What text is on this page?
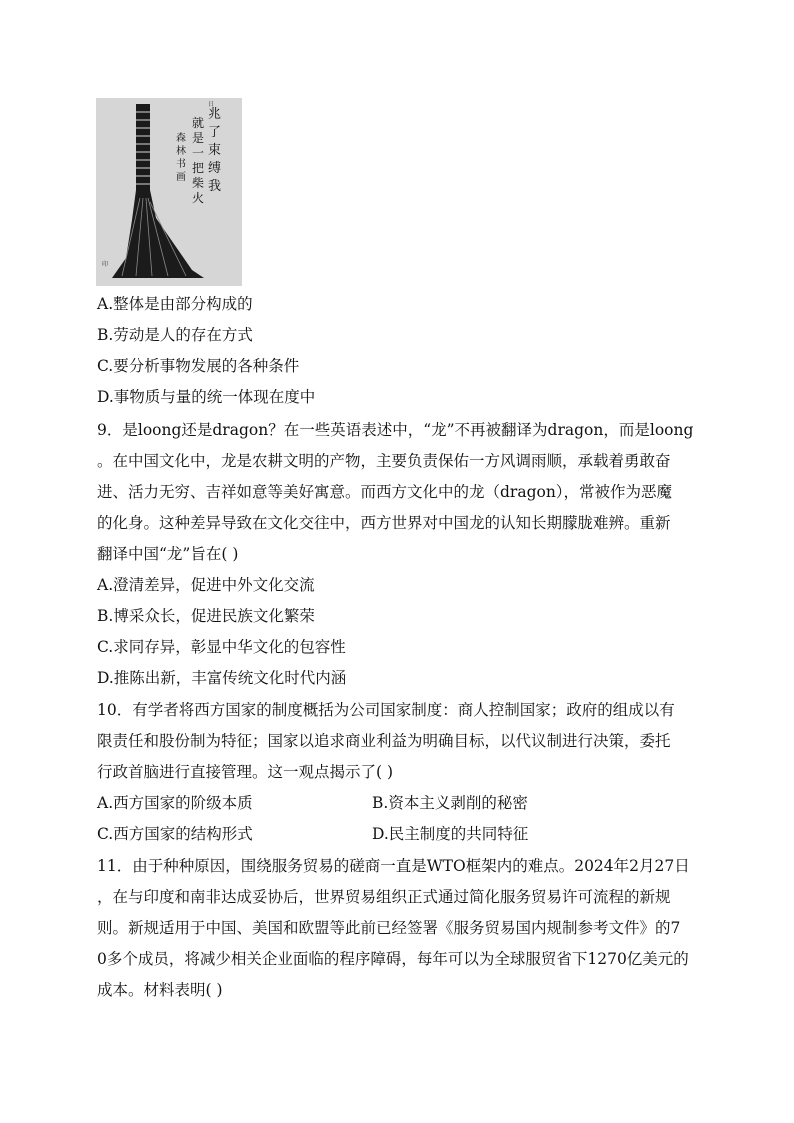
日
印
兆了束缚我
就是一把柴火
森林书画
A.整体是由部分构成的
B.劳动是人的存在方式
C.要分析事物发展的各种条件
D.事物质与量的统一体现在度中
9．是loong还是dragon？在一些英语表述中，“龙”不再被翻译为dragon，而是loong
。在中国文化中，龙是农耕文明的产物，主要负责保佑一方风调雨顺，承载着勇敢奋
进、活力无穷、吉祥如意等美好寓意。而西方文化中的龙（dragon），常被作为恶魔
的化身。这种差异导致在文化交往中，西方世界对中国龙的认知长期朦胧难辨。重新
翻译中国“龙”旨在( )
A.澄清差异，促进中外文化交流
B.博采众长，促进民族文化繁荣
C.求同存异，彰显中华文化的包容性
D.推陈出新，丰富传统文化时代内涵
10．有学者将西方国家的制度概括为公司国家制度：商人控制国家；政府的组成以有
限责任和股份制为特征；国家以追求商业利益为明确目标，以代议制进行决策，委托
行政首脑进行直接管理。这一观点揭示了( )
A.西方国家的阶级本质	B.资本主义剥削的秘密
C.西方国家的结构形式	D.民主制度的共同特征
11．由于种种原因，围绕服务贸易的磋商一直是WTO框架内的难点。2024年2月27日
，在与印度和南非达成妥协后，世界贸易组织正式通过简化服务贸易许可流程的新规
则。新规适用于中国、美国和欧盟等此前已经签署《服务贸易国内规制参考文件》的7
0多个成员，将减少相关企业面临的程序障碍，每年可以为全球服贸省下1270亿美元的
成本。材料表明( )
